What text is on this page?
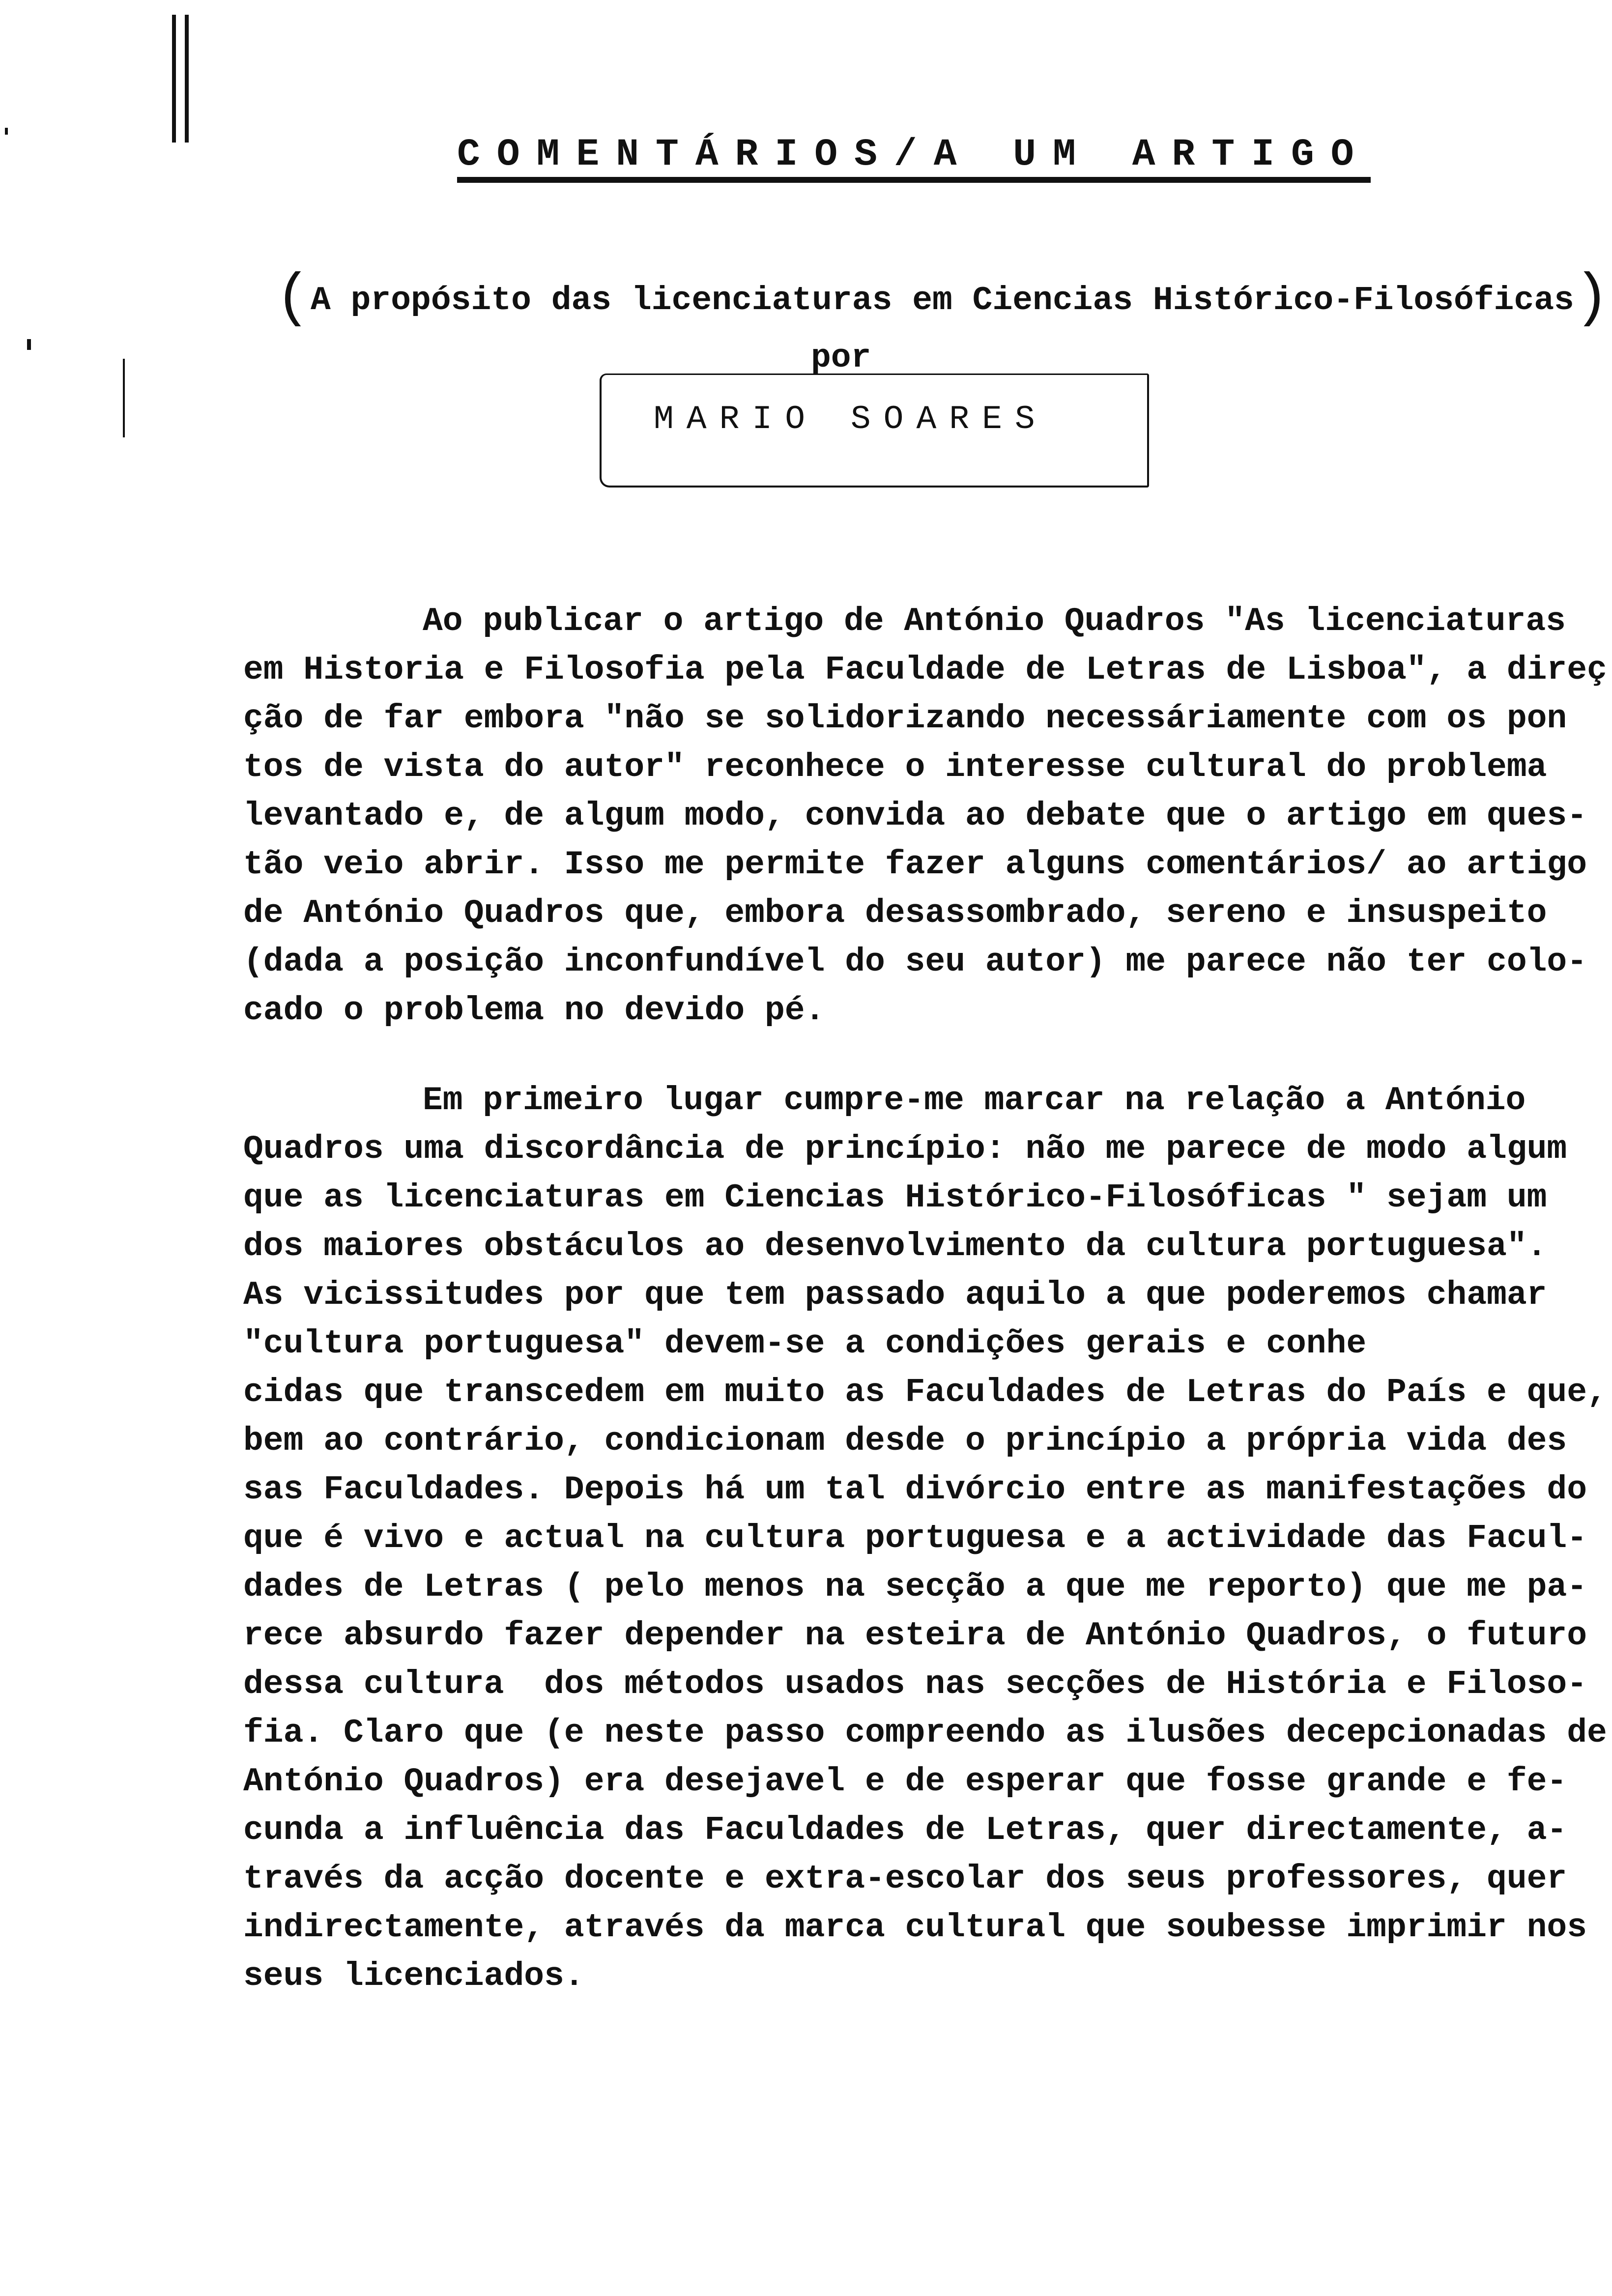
COMENTÁRIOS/A UM ARTIGO
(A propósito das licenciaturas em Ciencias Histórico-Filosóficas)
por
MARIO SOARES
Ao publicar o artigo de António Quadros "As licenciaturas
em Historia e Filosofia pela Faculdade de Letras de Lisboa", a direç
ção de far embora "não se solidorizando necessáriamente com os pon
tos de vista do autor" reconhece o interesse cultural do problema
levantado e, de algum modo, convida ao debate que o artigo em ques-
tão veio abrir. Isso me permite fazer alguns comentários/ ao artigo
de António Quadros que, embora desassombrado, sereno e insuspeito
(dada a posição inconfundível do seu autor) me parece não ter colo-
cado o problema no devido pé.
Em primeiro lugar cumpre-me marcar na relação a António
Quadros uma discordância de princípio: não me parece de modo algum
que as licenciaturas em Ciencias Histórico-Filosóficas " sejam um
dos maiores obstáculos ao desenvolvimento da cultura portuguesa".
As vicissitudes por que tem passado aquilo a que poderemos chamar
"cultura portuguesa" devem-se a condições gerais e conhe
cidas que transcedem em muito as Faculdades de Letras do País e que,
bem ao contrário, condicionam desde o princípio a própria vida des
sas Faculdades. Depois há um tal divórcio entre as manifestações do
que é vivo e actual na cultura portuguesa e a actividade das Facul-
dades de Letras ( pelo menos na secção a que me reporto) que me pa-
rece absurdo fazer depender na esteira de António Quadros, o futuro
dessa cultura  dos métodos usados nas secções de História e Filoso-
fia. Claro que (e neste passo compreendo as ilusões decepcionadas de
António Quadros) era desejavel e de esperar que fosse grande e fe-
cunda a influência das Faculdades de Letras, quer directamente, a-
través da acção docente e extra-escolar dos seus professores, quer
indirectamente, através da marca cultural que soubesse imprimir nos
seus licenciados.
